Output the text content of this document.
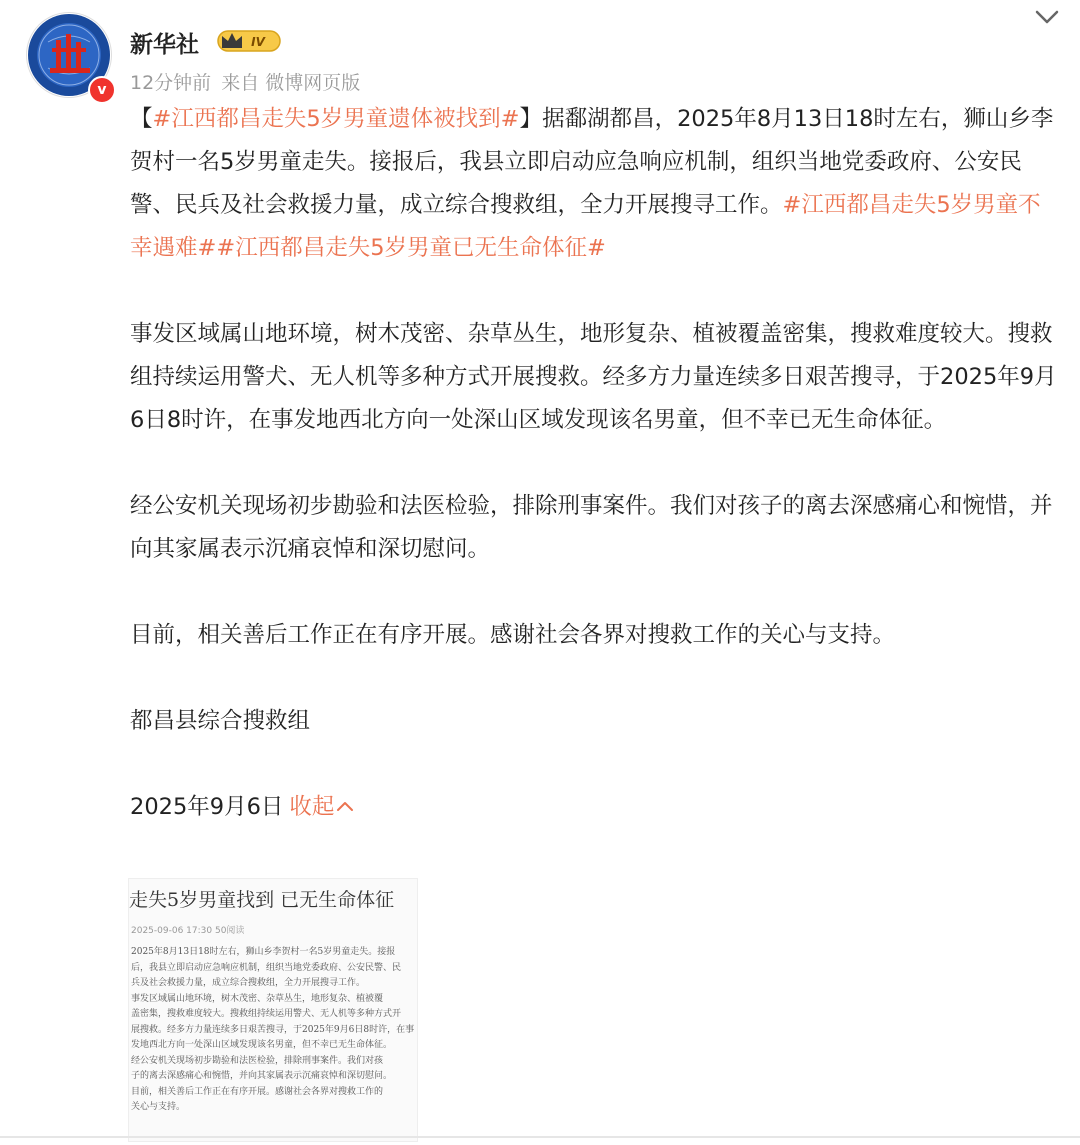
v
新华社	IV
12分钟前 来自 微博网页版

【#江西都昌走失5岁男童遗体被找到#】据鄱湖都昌，2025年8月13日18时左右，狮山乡李贺村一名5岁男童走失。接报后，我县立即启动应急响应机制，组织当地党委政府、公安民警、民兵及社会救援力量，成立综合搜救组，全力开展搜寻工作。#江西都昌走失5岁男童不幸遇难##江西都昌走失5岁男童已无生命体征#

事发区域属山地环境，树木茂密、杂草丛生，地形复杂、植被覆盖密集，搜救难度较大。搜救组持续运用警犬、无人机等多种方式开展搜救。经多方力量连续多日艰苦搜寻，于2025年9月6日8时许，在事发地西北方向一处深山区域发现该名男童，但不幸已无生命体征。

经公安机关现场初步勘验和法医检验，排除刑事案件。我们对孩子的离去深感痛心和惋惜，并向其家属表示沉痛哀悼和深切慰问。

目前，相关善后工作正在有序开展。感谢社会各界对搜救工作的关心与支持。

都昌县综合搜救组

2025年9月6日 收起

走失5岁男童找到 已无生命体征
2025-09-06 17:30 50阅读
2025年8月13日18时左右，狮山乡李贺村一名5岁男童走失。接报
后，我县立即启动应急响应机制，组织当地党委政府、公安民警、民
兵及社会救援力量，成立综合搜救组，全力开展搜寻工作。
事发区域属山地环境，树木茂密、杂草丛生，地形复杂、植被覆
盖密集，搜救难度较大。搜救组持续运用警犬、无人机等多种方式开
展搜救。经多方力量连续多日艰苦搜寻，于2025年9月6日8时许，在事
发地西北方向一处深山区域发现该名男童，但不幸已无生命体征。
经公安机关现场初步勘验和法医检验，排除刑事案件。我们对孩
子的离去深感痛心和惋惜，并向其家属表示沉痛哀悼和深切慰问。
目前，相关善后工作正在有序开展。感谢社会各界对搜救工作的
关心与支持。
